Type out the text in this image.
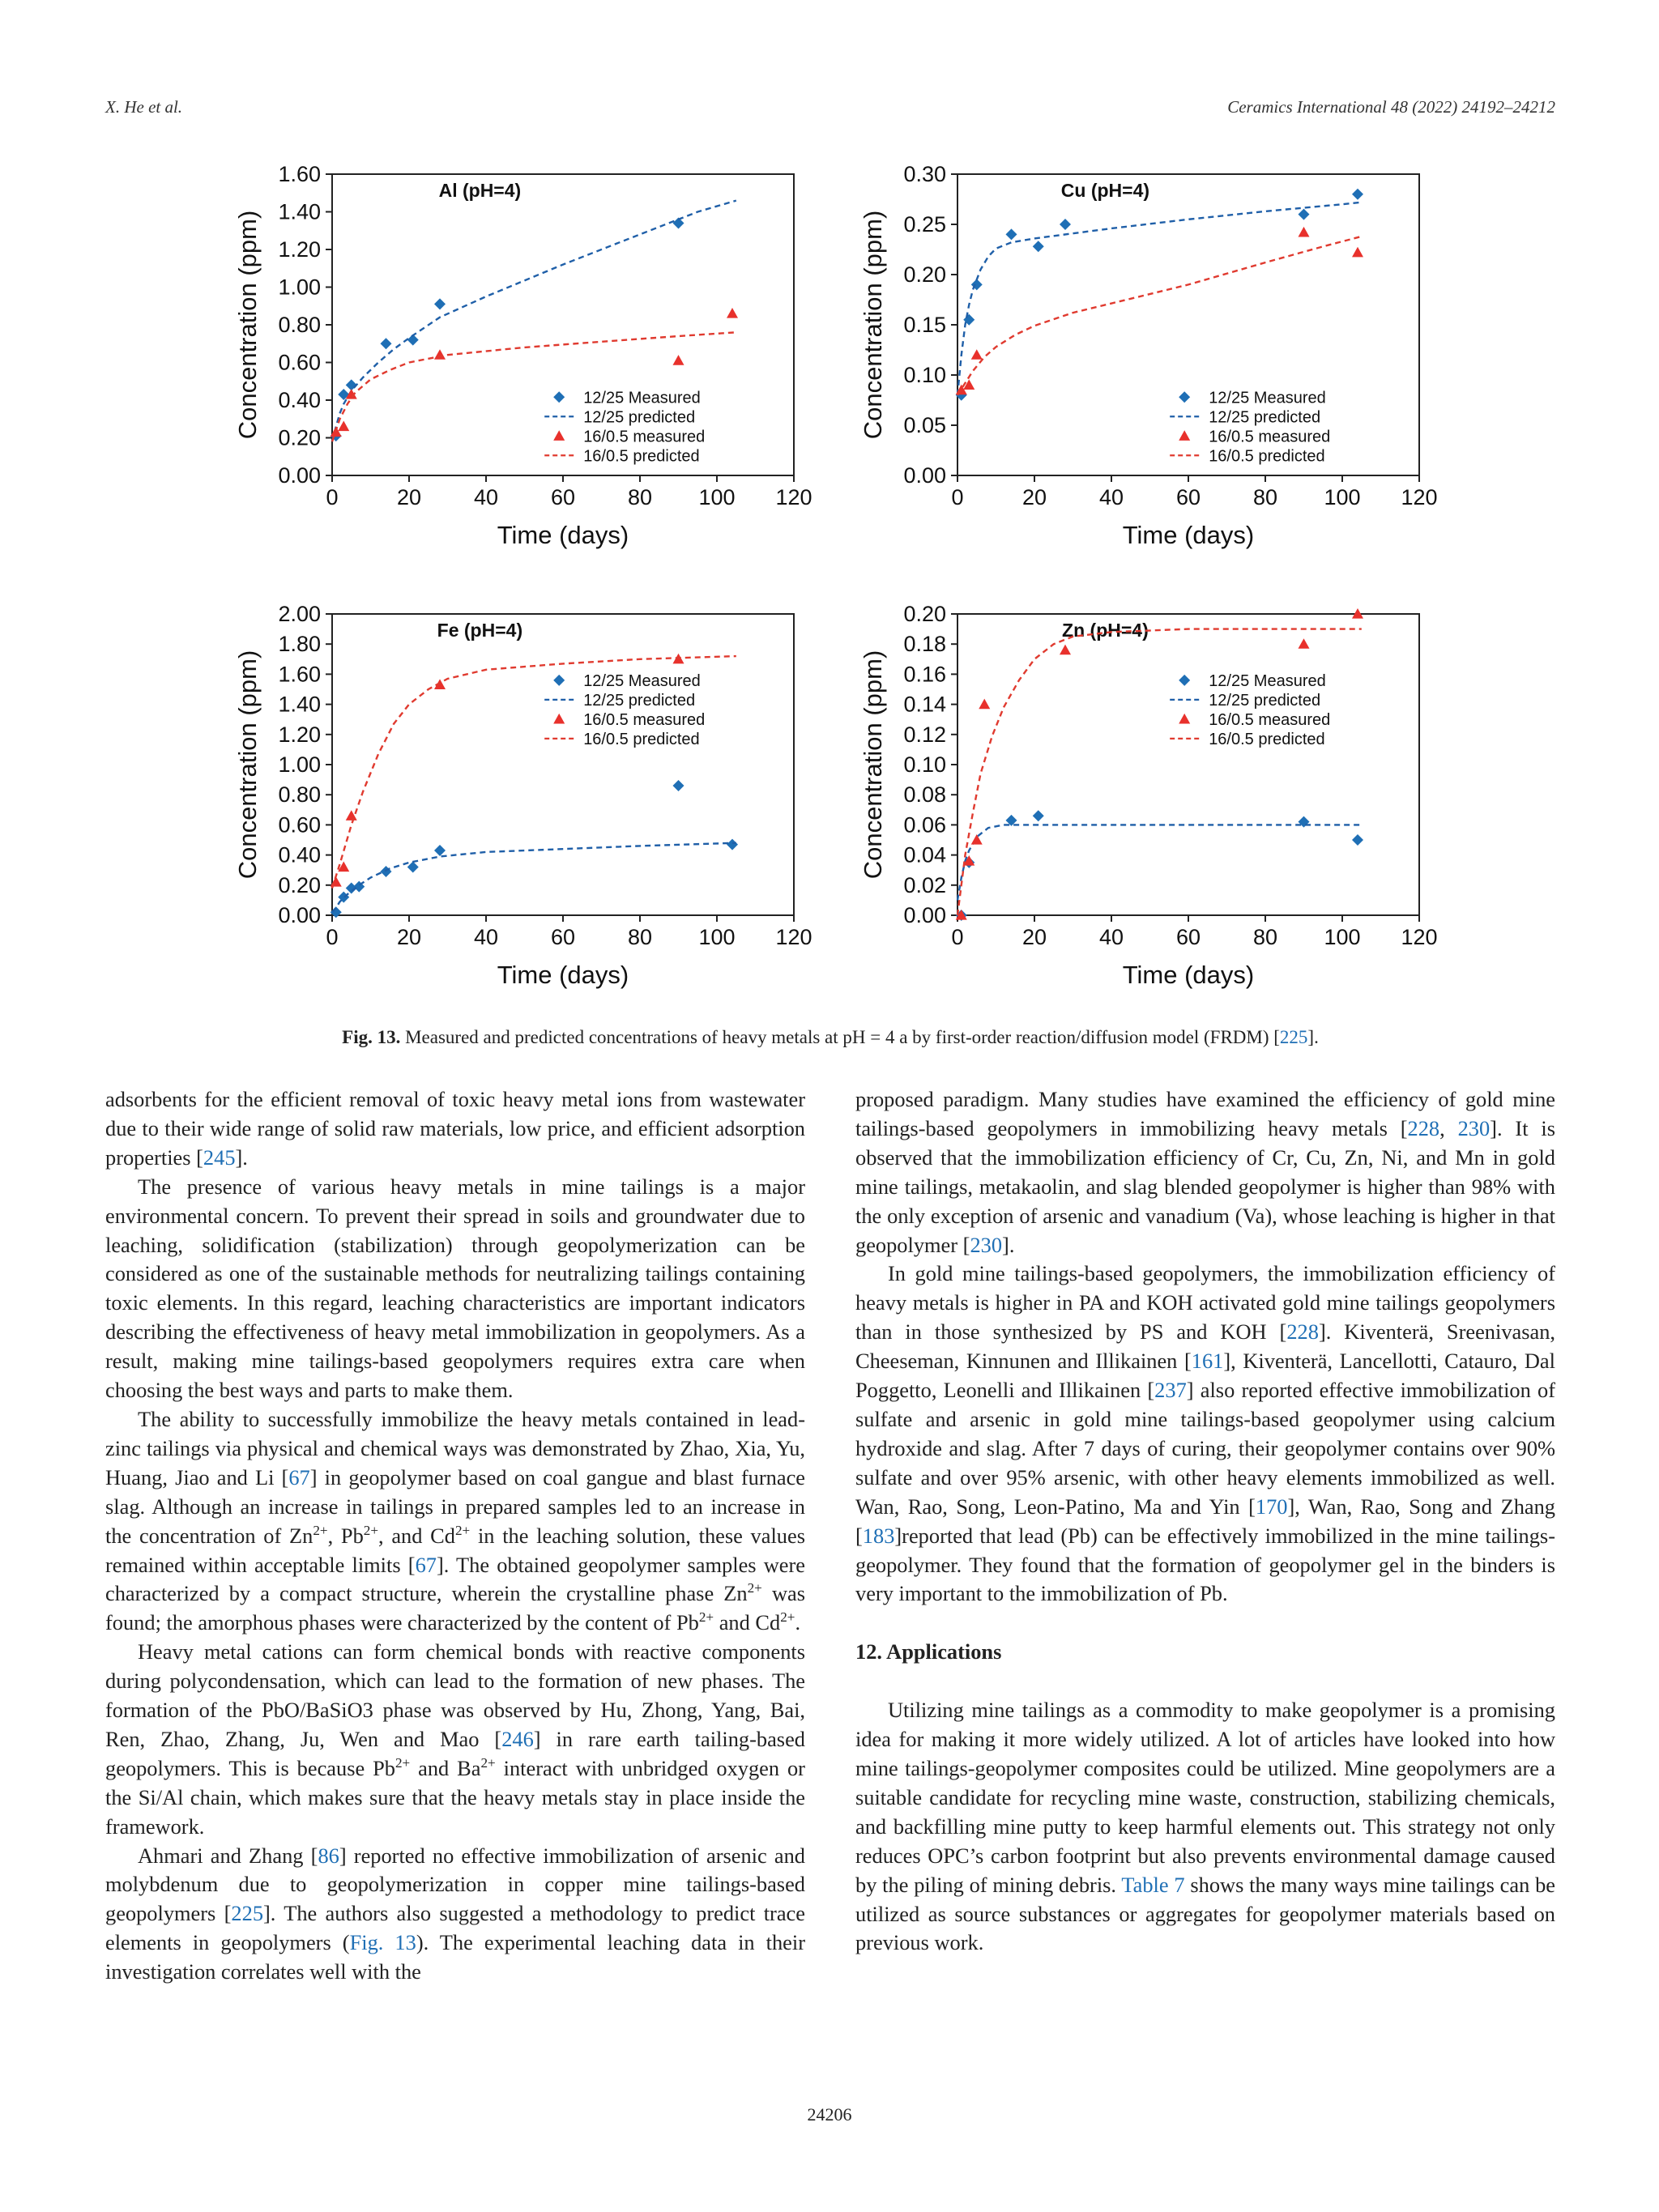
X. He et al.	Ceramics International 48 (2022) 24192–24212
0.00
0.20
0.40
0.60
0.80
1.00
1.20
1.40
1.60
0	20 40 60 80 100 120
Time (days)
Concentration (ppm)
Al (pH=4)
12/25 Measured
12/25 predicted
16/0.5 measured
16/0.5 predicted
0.00
0.05
0.10
0.15
0.20
0.25
0.30
0	20 40 60 80 100 120
Time (days)
Concentration (ppm)
Cu (pH=4)
12/25 Measured
12/25 predicted
16/0.5 measured
16/0.5 predicted
0.00
0.20
0.40
0.60
0.80
1.00
1.20
1.40
1.60
1.80
2.00
0	20 40 60 80 100 120
Time (days)
Concentration (ppm)
Fe (pH=4)
12/25 Measured
12/25 predicted
16/0.5 measured
16/0.5 predicted
0.00
0.02
0.04
0.06
0.08
0.10
0.12
0.14
0.16
0.18
0.20
0	20 40 60 80 100 120
Time (days)
Concentration (ppm)
Zn (pH=4)
12/25 Measured
12/25 predicted
16/0.5 measured
16/0.5 predicted
Fig. 13. Measured and predicted concentrations of heavy metals at pH = 4 a by first-order reaction/diffusion model (FRDM) [225].

adsorbents for the efficient removal of toxic heavy metal ions from wastewater due to their wide range of solid raw materials, low price, and efficient adsorption properties [245].

The presence of various heavy metals in mine tailings is a major environmental concern. To prevent their spread in soils and groundwater due to leaching, solidification (stabilization) through geopolymerization can be considered as one of the sustainable methods for neutralizing tailings containing toxic elements. In this regard, leaching characteristics are important indicators describing the effectiveness of heavy metal immobilization in geopolymers. As a result, making mine tailings-based geopolymers requires extra care when choosing the best ways and parts to make them.

The ability to successfully immobilize the heavy metals contained in lead-zinc tailings via physical and chemical ways was demonstrated by Zhao, Xia, Yu, Huang, Jiao and Li [67] in geopolymer based on coal gangue and blast furnace slag. Although an increase in tailings in prepared samples led to an increase in the concentration of $Zn^{2+}$, $Pb^{2+}$, and $Cd^{2+}$ in the leaching solution, these values remained within acceptable limits [67]. The obtained geopolymer samples were characterized by a compact structure, wherein the crystalline phase $Zn^{2+}$ was found; the amorphous phases were characterized by the content of $Pb^{2+}$ and $Cd^{2+}$.

Heavy metal cations can form chemical bonds with reactive components during polycondensation, which can lead to the formation of new phases. The formation of the PbO/BaSiO3 phase was observed by Hu, Zhong, Yang, Bai, Ren, Zhao, Zhang, Ju, Wen and Mao [246] in rare earth tailing-based geopolymers. This is because $Pb^{2+}$ and $Ba^{2+}$ interact with unbridged oxygen or the Si/Al chain, which makes sure that the heavy metals stay in place inside the framework.

Ahmari and Zhang [86] reported no effective immobilization of arsenic and molybdenum due to geopolymerization in copper mine tailings-based geopolymers [225]. The authors also suggested a methodology to predict trace elements in geopolymers (Fig. 13). The experimental leaching data in their investigation correlates well with the

proposed paradigm. Many studies have examined the efficiency of gold mine tailings-based geopolymers in immobilizing heavy metals [228, 230]. It is observed that the immobilization efficiency of Cr, Cu, Zn, Ni, and Mn in gold mine tailings, metakaolin, and slag blended geopolymer is higher than 98% with the only exception of arsenic and vanadium (Va), whose leaching is higher in that geopolymer [230].

In gold mine tailings-based geopolymers, the immobilization efficiency of heavy metals is higher in PA and KOH activated gold mine tailings geopolymers than in those synthesized by PS and KOH [228]. Kiventerä, Sreenivasan, Cheeseman, Kinnunen and Illikainen [161], Kiventerä, Lancellotti, Catauro, Dal Poggetto, Leonelli and Illikainen [237] also reported effective immobilization of sulfate and arsenic in gold mine tailings-based geopolymer using calcium hydroxide and slag. After 7 days of curing, their geopolymer contains over 90% sulfate and over 95% arsenic, with other heavy elements immobilized as well. Wan, Rao, Song, Leon-Patino, Ma and Yin [170], Wan, Rao, Song and Zhang [183]reported that lead (Pb) can be effectively immobilized in the mine tailings-geopolymer. They found that the formation of geopolymer gel in the binders is very important to the immobilization of Pb.

12. Applications

Utilizing mine tailings as a commodity to make geopolymer is a promising idea for making it more widely utilized. A lot of articles have looked into how mine tailings-geopolymer composites could be utilized. Mine geopolymers are a suitable candidate for recycling mine waste, construction, stabilizing chemicals, and backfilling mine putty to keep harmful elements out. This strategy not only reduces OPC’s carbon footprint but also prevents environmental damage caused by the piling of mining debris. Table 7 shows the many ways mine tailings can be utilized as source substances or aggregates for geopolymer materials based on previous work.

24206
